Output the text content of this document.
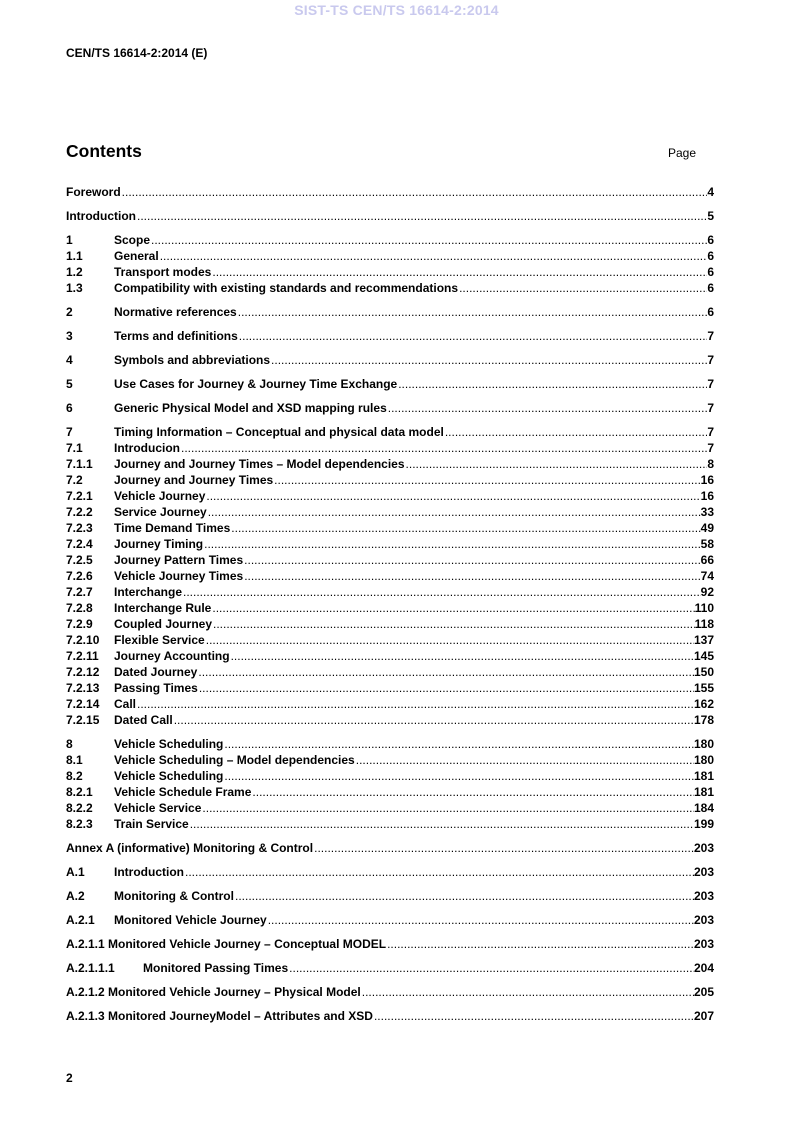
SIST-TS CEN/TS 16614-2:2014
CEN/TS 16614-2:2014 (E)
Contents	Page
Foreword .....	4
Introduction .....	5
1	Scope .....	6
1.1	General .....	6
1.2	Transport modes .....	6
1.3	Compatibility with existing standards and recommendations .....	6
2	Normative references .....	6
3	Terms and definitions .....	7
4	Symbols and abbreviations .....	7
5	Use Cases for Journey & Journey Time Exchange .....	7
6	Generic Physical Model and XSD mapping rules .....	7
7	Timing Information – Conceptual and physical data model .....	7
7.1	Introducion .....	7
7.1.1	Journey and Journey Times – Model dependencies .....	8
7.2	Journey and Journey Times .....	16
7.2.1	Vehicle Journey .....	16
7.2.2	Service Journey .....	33
7.2.3	Time Demand Times .....	49
7.2.4	Journey Timing .....	58
7.2.5	Journey Pattern Times .....	66
7.2.6	Vehicle Journey Times .....	74
7.2.7	Interchange .....	92
7.2.8	Interchange Rule .....	110
7.2.9	Coupled Journey .....	118
7.2.10	Flexible Service .....	137
7.2.11	Journey Accounting .....	145
7.2.12	Dated Journey .....	150
7.2.13	Passing Times .....	155
7.2.14	Call .....	162
7.2.15	Dated Call .....	178
8	Vehicle Scheduling .....	180
8.1	Vehicle Scheduling – Model dependencies .....	180
8.2	Vehicle Scheduling .....	181
8.2.1	Vehicle Schedule Frame .....	181
8.2.2	Vehicle Service .....	184
8.2.3	Train Service .....	199
Annex A (informative) Monitoring & Control .....	203
A.1	Introduction .....	203
A.2	Monitoring & Control .....	203
A.2.1	Monitored Vehicle Journey .....	203
A.2.1.1 Monitored Vehicle Journey – Conceptual MODEL .....	203
A.2.1.1.1	Monitored Passing Times .....	204
A.2.1.2 Monitored Vehicle Journey – Physical Model .....	205
A.2.1.3 Monitored JourneyModel – Attributes and XSD .....	207
2
